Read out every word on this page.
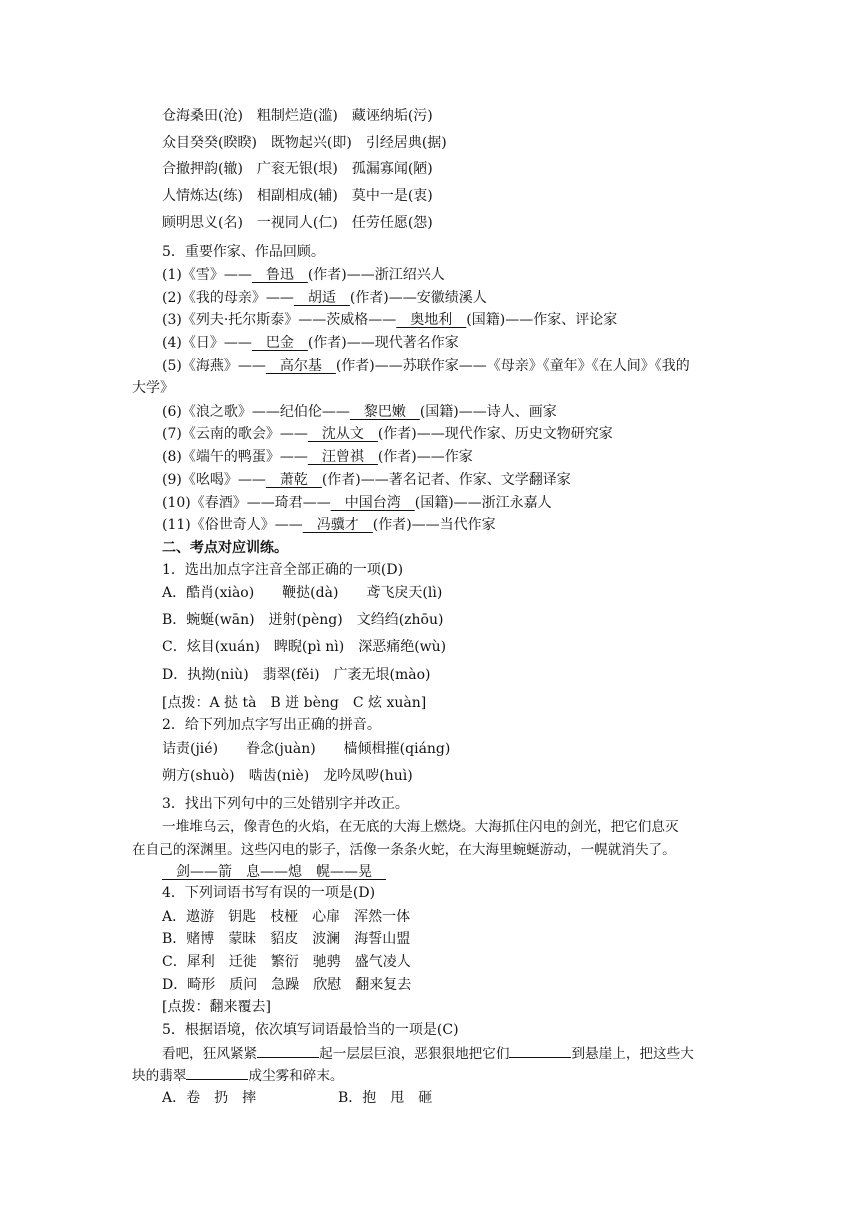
仓海桑田(沧)　粗制烂造(滥)　藏诬纳垢(污)
众目癸癸(睽睽)　既物起兴(即)　引经居典(据)
合撤押韵(辙)　广衮无银(垠)　孤漏寡闻(陋)
人情炼达(练)　相副相成(辅)　莫中一是(衷)
顾明思义(名)　一视同人(仁)　任劳任愿(怨)
5．重要作家、作品回顾。
(1)《雪》——　鲁迅　(作者)——浙江绍兴人
(2)《我的母亲》——　胡适　(作者)——安徽绩溪人
(3)《列夫·托尔斯泰》——茨威格——　奥地利　(国籍)——作家、评论家
(4)《日》——　巴金　(作者)——现代著名作家
(5)《海燕》——　高尔基　(作者)——苏联作家——《母亲》《童年》《在人间》《我的
大学》
(6)《浪之歌》——纪伯伦——　黎巴嫩　(国籍)——诗人、画家
(7)《云南的歌会》——　沈从文　(作者)——现代作家、历史文物研究家
(8)《端午的鸭蛋》——　汪曾祺　(作者)——作家
(9)《吆喝》——　萧乾　(作者)——著名记者、作家、文学翻译家
(10)《春酒》——琦君——　中国台湾　(国籍)——浙江永嘉人
(11)《俗世奇人》——　冯骥才　(作者)——当代作家
二、考点对应训练。
1．选出加点字注音全部正确的一项(D)
A．酷肖(xiào)　　鞭挞(dà)　　鸢飞戾天(lì)
B．蜿蜒(wān)　迸射(pèng)　文绉绉(zhōu)
C．炫目(xuán)　睥睨(pì nì)　深恶痛绝(wù)
D．执拗(niù)　翡翠(fěi)　广袤无垠(mào)
[点拨：A 挞 tà　B 迸 bèng　C 炫 xuàn]
2．给下列加点字写出正确的拼音。
诘责(jié)　　眷念(juàn)　　樯倾楫摧(qiáng)
朔方(shuò)　啮齿(niè)　龙吟凤哕(huì)
3．找出下列句中的三处错别字并改正。
一堆堆乌云，像青色的火焰，在无底的大海上燃烧。大海抓住闪电的剑光，把它们息灭
在自己的深渊里。这些闪电的影子，活像一条条火蛇，在大海里蜿蜒游动，一幌就消失了。
　剑——箭　息——熄　幌——晃　
4．下列词语书写有误的一项是(D)
A．遨游　钥匙　枝桠　心扉　浑然一体
B．赌博　蒙昧　貂皮　波澜　海誓山盟
C．犀利　迁徙　繁衍　驰骋　盛气凌人
D．畸形　质问　急躁　欣慰　翻来复去
[点拨：翻来覆去]
5．根据语境，依次填写词语最恰当的一项是(C)
看吧，狂风紧紧	起一层层巨浪，恶狠狠地把它们	到悬崖上，把这些大
块的翡翠	成尘雾和碎末。
A．卷　扔　摔	B．抱　甩　砸
